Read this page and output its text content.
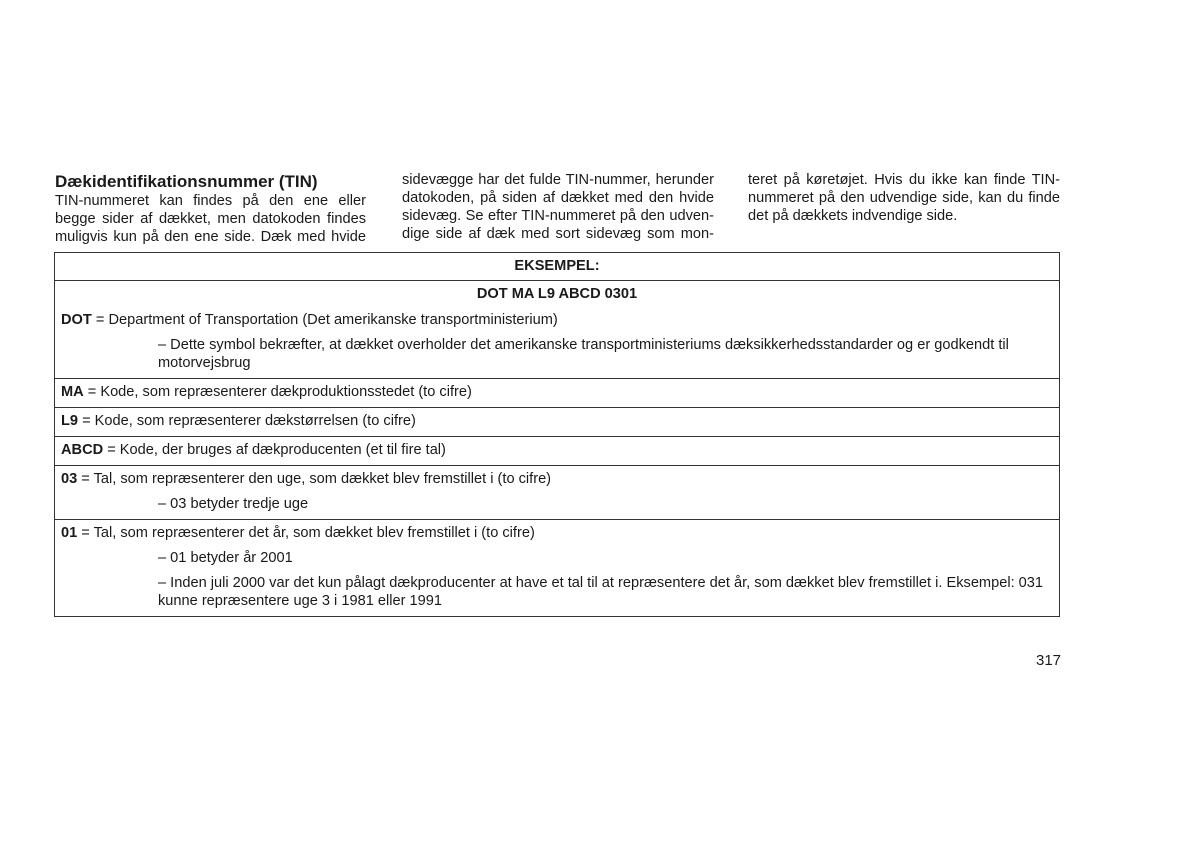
Dækidentifikationsnummer (TIN)
TIN-nummeret kan findes på den ene eller
begge sider af dækket, men datokoden findes
muligvis kun på den ene side. Dæk med hvide
sidevægge har det fulde TIN-nummer, herunder
datokoden, på siden af dækket med den hvide
sidevæg. Se efter TIN-nummeret på den udven-
dige side af dæk med sort sidevæg som mon-
teret på køretøjet. Hvis du ikke kan finde TIN-
nummeret på den udvendige side, kan du finde
det på dækkets indvendige side.
EKSEMPEL:
DOT MA L9 ABCD 0301
DOT = Department of Transportation (Det amerikanske transportministerium)
– Dette symbol bekræfter, at dækket overholder det amerikanske transportministeriums dæksikkerhedsstandarder og er godkendt til motorvejsbrug
MA = Kode, som repræsenterer dækproduktionsstedet (to cifre)
L9 = Kode, som repræsenterer dækstørrelsen (to cifre)
ABCD = Kode, der bruges af dækproducenten (et til fire tal)
03 = Tal, som repræsenterer den uge, som dækket blev fremstillet i (to cifre)
– 03 betyder tredje uge
01 = Tal, som repræsenterer det år, som dækket blev fremstillet i (to cifre)
– 01 betyder år 2001
– Inden juli 2000 var det kun pålagt dækproducenter at have et tal til at repræsentere det år, som dækket blev fremstillet i. Eksempel: 031 kunne repræsentere uge 3 i 1981 eller 1991
317
